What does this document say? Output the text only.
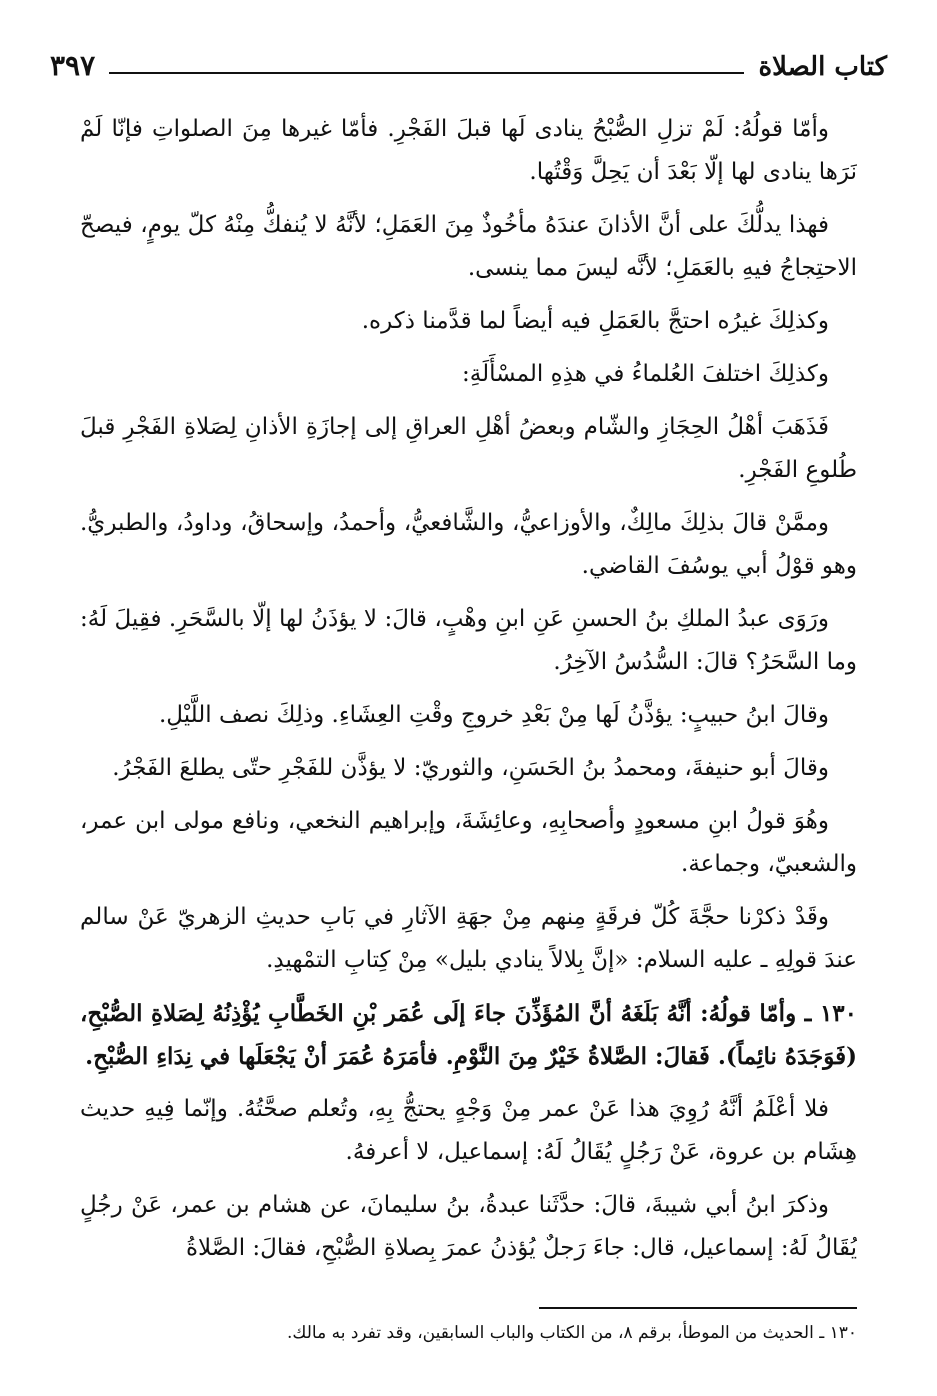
كتاب الصلاة
٣٩٧

وأمّا قولُهُ: لَمْ تزلِ الصُّبْحُ ينادى لَها قبلَ الفَجْرِ. فأمّا غيرها مِنَ الصلواتِ فإنّا لَمْ نَرَها ينادى لها إلّا بَعْدَ أن يَحِلَّ وَقْتُها.

فهذا يدلُّكَ على أنَّ الأذانَ عندَهُ مأخُوذٌ مِنَ العَمَلِ؛ لأنَّهُ لا يُنفكُّ مِنْهُ كلّ يومٍ، فيصحّ الاحتِجاجُ فيهِ بالعَمَلِ؛ لأنَّه ليسَ مما ينسى.

وكذلِكَ غيرُه احتجَّ بالعَمَلِ فيه أيضاً لما قدَّمنا ذكره.

وكذلِكَ اختلفَ العُلماءُ في هذِهِ المسْأَلَةِ:

فَذَهَبَ أهْلُ الحِجَازِ والشّام وبعضُ أهْلِ العراقِ إلى إجازَةِ الأذانِ لِصَلاةِ الفَجْرِ قبلَ طُلوعِ الفَجْرِ.

وممَّنْ قالَ بذلِكَ مالِكٌ، والأوزاعيُّ، والشَّافعيُّ، وأحمدُ، وإسحاقُ، وداودُ، والطبريُّ. وهو قوْلُ أبي يوسُفَ القاضي.

ورَوَى عبدُ الملكِ بنُ الحسنِ عَنِ ابنِ وهْبٍ، قالَ: لا يؤذَنُ لها إلّا بالسَّحَرِ. فقِيلَ لَهُ: وما السَّحَرُ؟ قالَ: السُّدُسُ الآخِرُ.

وقالَ ابنُ حبيبٍ: يؤذَّنُ لَها مِنْ بَعْدِ خروجِ وقْتِ العِشَاءِ. وذلِكَ نصف اللَّيْلِ.

وقالَ أبو حنيفةَ، ومحمدُ بنُ الحَسَنِ، والثوريّ: لا يؤذَّن للفَجْرِ حتّى يطلعَ الفَجْرُ.

وهُوَ قولُ ابنِ مسعودٍ وأصحابِهِ، وعائِشَةَ، وإبراهيم النخعي، ونافع مولى ابن عمر، والشعبيّ، وجماعة.

وقَدْ ذكرْنا حجَّةَ كُلّ فرقَةٍ مِنهم مِنْ جهَةِ الآثارِ في بَابِ حديثِ الزهريّ عَنْ سالم عندَ قولِهِ ـ عليه السلام: «إنَّ بِلالاً ينادي بليل» مِنْ كِتابِ التمْهيدِ.

١٣٠ ـ وأمّا قولُهُ: أنَّهُ بَلَغَهُ أنَّ المُؤَذِّنَ جاءَ إلَى عُمَر بْنِ الخَطَّابِ يُؤْذِنُهُ لِصَلاةِ الصُّبْحِ، (فَوَجَدَهُ نائِماً). فَقالَ: الصَّلاةُ خَيْرٌ مِنَ النَّوْمِ. فأمَرَهُ عُمَرَ أنْ يَجْعَلَها في نِدَاءِ الصُّبْحِ.

فلا أعْلَمُ أنَّهُ رُوِيَ هذا عَنْ عمر مِنْ وَجْهٍ يحتجُّ بِهِ، وتُعلم صحَّتُهُ. وإنّما فِيهِ حديث هِشَام بن عروة، عَنْ رَجُلٍ يُقَالُ لَهُ: إسماعيل، لا أعرفهُ.

وذكرَ ابنُ أبي شيبةَ، قالَ: حدَّثَنا عبدةُ، بنُ سليمانَ، عن هشام بن عمر، عَنْ رجُلٍ يُقَالُ لَهُ: إسماعيل، قال: جاءَ رَجلٌ يُؤذنُ عمرَ بِصلاةِ الصُّبْحِ، فقالَ: الصَّلاةُ

١٣٠ ـ الحديث من الموطأ، برقم ٨، من الكتاب والباب السابقين، وقد تفرد به مالك.
